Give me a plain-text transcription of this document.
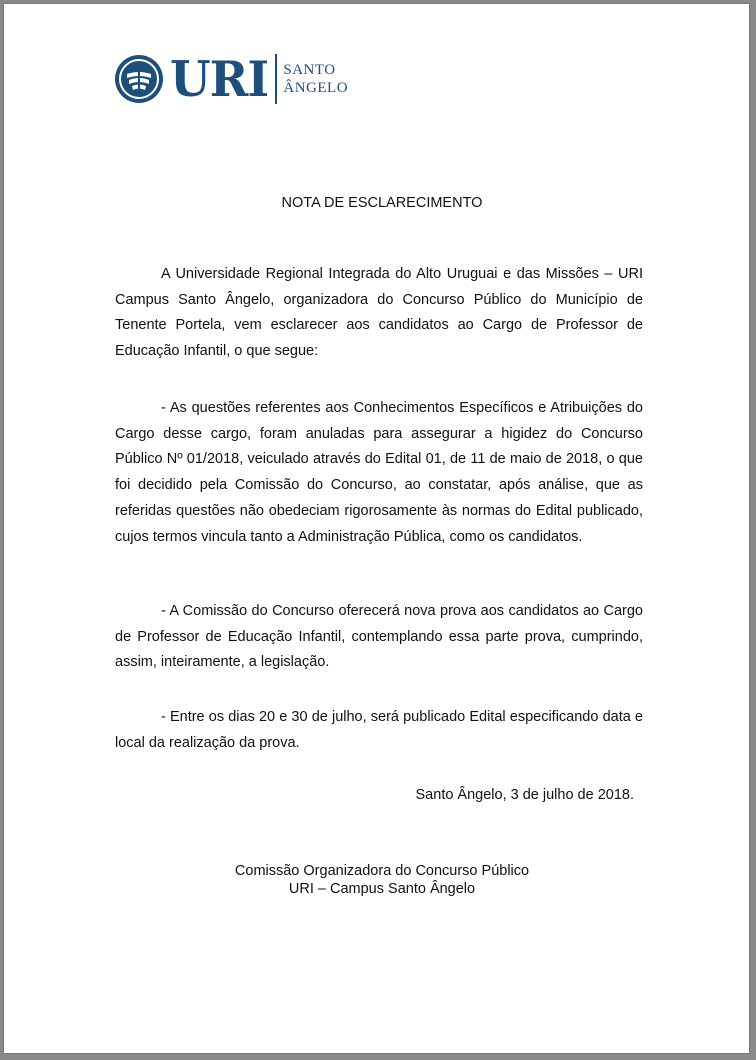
URI SANTO
ÂNGELO
NOTA DE ESCLARECIMENTO

A Universidade Regional Integrada do Alto Uruguai e das Missões – URI Campus Santo Ângelo, organizadora do Concurso Público do Município de Tenente Portela, vem esclarecer aos candidatos ao Cargo de Professor de Educação Infantil, o que segue:

- As questões referentes aos Conhecimentos Específicos e Atribuições do Cargo desse cargo, foram anuladas para assegurar a higidez do Concurso Público Nº 01/2018, veiculado através do Edital 01, de 11 de maio de 2018, o que foi decidido pela Comissão do Concurso, ao constatar, após análise, que as referidas questões não obedeciam rigorosamente às normas do Edital publicado, cujos termos vincula tanto a Administração Pública, como os candidatos.

- A Comissão do Concurso oferecerá nova prova aos candidatos ao Cargo de Professor de Educação Infantil, contemplando essa parte prova, cumprindo, assim, inteiramente, a legislação.

- Entre os dias 20 e 30 de julho, será publicado Edital especificando data e local da realização da prova.

Santo Ângelo, 3 de julho de 2018.
Comissão Organizadora do Concurso Público
URI – Campus Santo Ângelo
